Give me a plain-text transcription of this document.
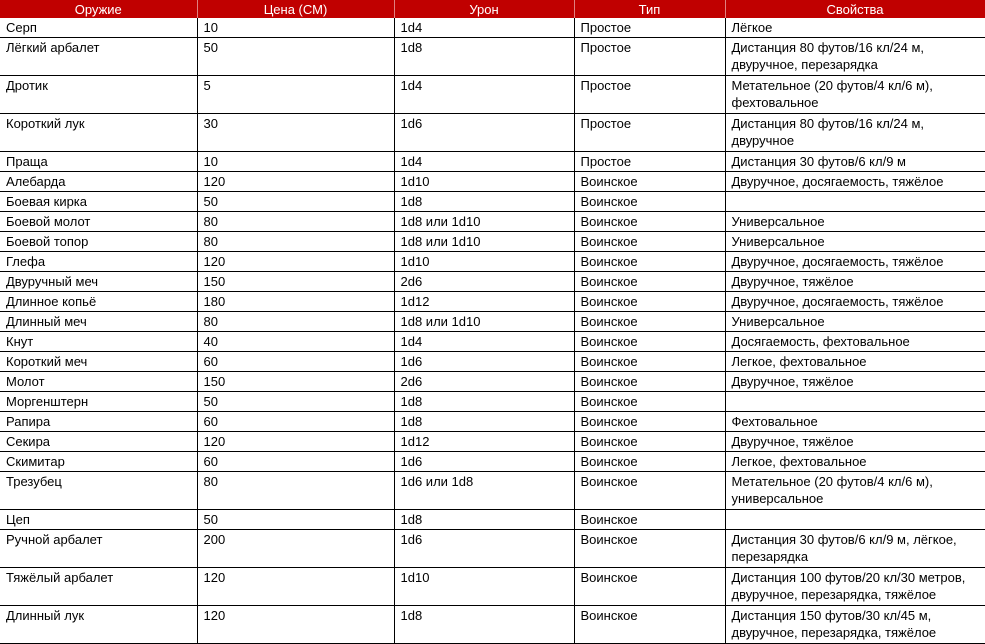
Оружие	Цена (СМ)	Урон	Тип	Свойства
Серп	10	1d4	Простое	Лёгкое
Лёгкий арбалет	50	1d8	Простое	Дистанция 80 футов/16 кл/24 м, двуручное, перезарядка
Дротик	5	1d4	Простое	Метательное (20 футов/4 кл/6 м), фехтовальное
Короткий лук	30	1d6	Простое	Дистанция 80 футов/16 кл/24 м, двуручное
Праща	10	1d4	Простое	Дистанция 30 футов/6 кл/9 м
Алебарда	120	1d10	Воинское	Двуручное, досягаемость, тяжёлое
Боевая кирка	50	1d8	Воинское	
Боевой молот	80	1d8 или 1d10	Воинское	Универсальное
Боевой топор	80	1d8 или 1d10	Воинское	Универсальное
Глефа	120	1d10	Воинское	Двуручное, досягаемость, тяжёлое
Двуручный меч	150	2d6	Воинское	Двуручное, тяжёлое
Длинное копьё	180	1d12	Воинское	Двуручное, досягаемость, тяжёлое
Длинный меч	80	1d8 или 1d10	Воинское	Универсальное
Кнут	40	1d4	Воинское	Досягаемость, фехтовальное
Короткий меч	60	1d6	Воинское	Легкое, фехтовальное
Молот	150	2d6	Воинское	Двуручное, тяжёлое
Моргенштерн	50	1d8	Воинское	
Рапира	60	1d8	Воинское	Фехтовальное
Секира	120	1d12	Воинское	Двуручное, тяжёлое
Скимитар	60	1d6	Воинское	Легкое, фехтовальное
Трезубец	80	1d6 или 1d8	Воинское	Метательное (20 футов/4 кл/6 м), универсальное
Цеп	50	1d8	Воинское	
Ручной арбалет	200	1d6	Воинское	Дистанция 30 футов/6 кл/9 м, лёгкое, перезарядка
Тяжёлый арбалет	120	1d10	Воинское	Дистанция 100 футов/20 кл/30 метров, двуручное, перезарядка, тяжёлое
Длинный лук	120	1d8	Воинское	Дистанция 150 футов/30 кл/45 м, двуручное, перезарядка, тяжёлое
